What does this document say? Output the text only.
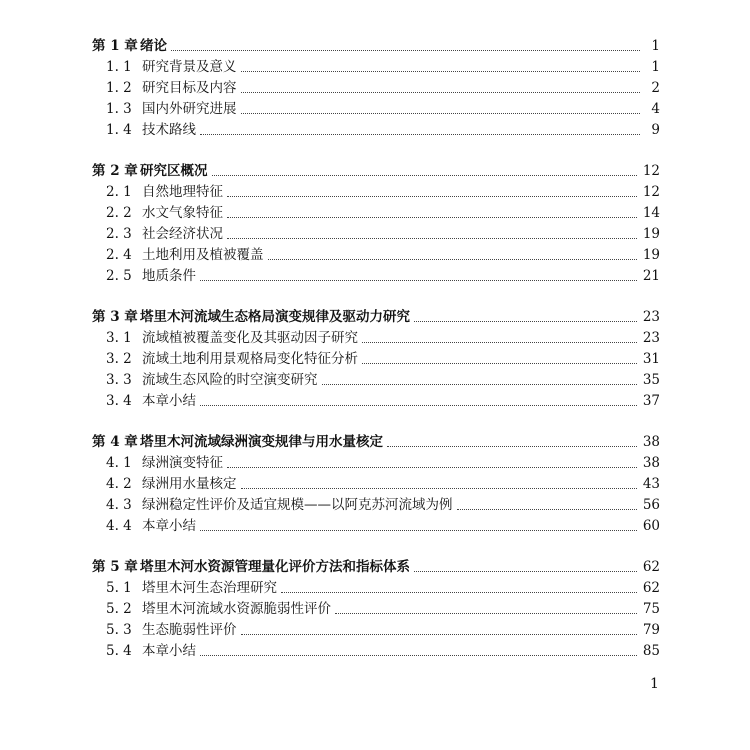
第 1 章 绪论	1
1. 1 研究背景及意义	1
1. 2 研究目标及内容	2
1. 3 国内外研究进展	4
1. 4 技术路线	9
第 2 章 研究区概况	12
2. 1 自然地理特征	12
2. 2 水文气象特征	14
2. 3 社会经济状况	19
2. 4 土地利用及植被覆盖	19
2. 5 地质条件	21
第 3 章 塔里木河流域生态格局演变规律及驱动力研究	23
3. 1 流域植被覆盖变化及其驱动因子研究	23
3. 2 流域土地利用景观格局变化特征分析	31
3. 3 流域生态风险的时空演变研究	35
3. 4 本章小结	37
第 4 章 塔里木河流域绿洲演变规律与用水量核定	38
4. 1 绿洲演变特征	38
4. 2 绿洲用水量核定	43
4. 3 绿洲稳定性评价及适宜规模——以阿克苏河流域为例	56
4. 4 本章小结	60
第 5 章 塔里木河水资源管理量化评价方法和指标体系	62
5. 1 塔里木河生态治理研究	62
5. 2 塔里木河流域水资源脆弱性评价	75
5. 3 生态脆弱性评价	79
5. 4 本章小结	85
1
